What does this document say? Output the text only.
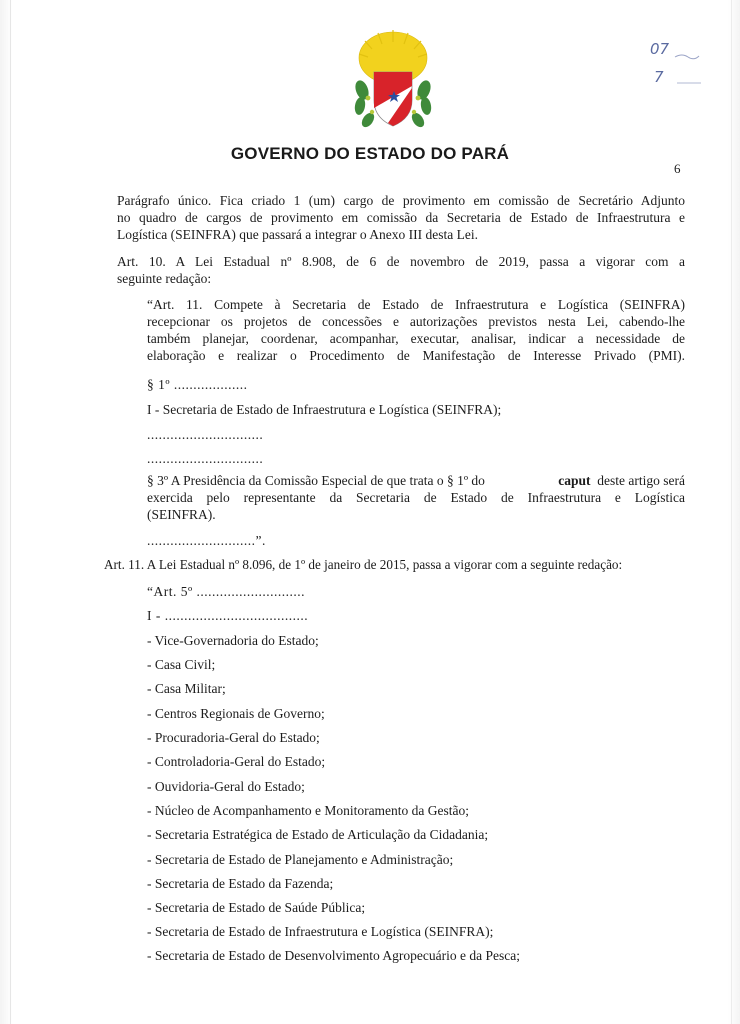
07
7
GOVERNO DO ESTADO DO PARÁ
6
Parágrafo único. Fica criado 1 (um) cargo de provimento em comissão de Secretário Adjunto
no quadro de cargos de provimento em comissão da Secretaria de Estado de Infraestrutura e
Logística (SEINFRA) que passará a integrar o Anexo III desta Lei.
Art. 10. A Lei Estadual nº 8.908, de 6 de novembro de 2019, passa a vigorar com a
seguinte redação:
“Art. 11. Compete à Secretaria de Estado de Infraestrutura e Logística (SEINFRA)
recepcionar os projetos de concessões e autorizações previstos nesta Lei, cabendo-lhe
também planejar, coordenar, acompanhar, executar, analisar, indicar a necessidade de
elaboração e realizar o Procedimento de Manifestação de Interesse Privado (PMI).
§ 1º ...................
I - Secretaria de Estado de Infraestrutura e Logística (SEINFRA);
..............................
..............................
§ 3º A Presidência da Comissão Especial de que trata o § 1º do	caput deste artigo será
exercida pelo representante da Secretaria de Estado de Infraestrutura e Logística
(SEINFRA).
............................”.
Art. 11. A Lei Estadual nº 8.096, de 1º de janeiro de 2015, passa a vigorar com a seguinte redação:
“Art. 5º ............................
I - .....................................
- Vice-Governadoria do Estado;
- Casa Civil;
- Casa Militar;
- Centros Regionais de Governo;
- Procuradoria-Geral do Estado;
- Controladoria-Geral do Estado;
- Ouvidoria-Geral do Estado;
- Núcleo de Acompanhamento e Monitoramento da Gestão;
- Secretaria Estratégica de Estado de Articulação da Cidadania;
- Secretaria de Estado de Planejamento e Administração;
- Secretaria de Estado da Fazenda;
- Secretaria de Estado de Saúde Pública;
- Secretaria de Estado de Infraestrutura e Logística (SEINFRA);
- Secretaria de Estado de Desenvolvimento Agropecuário e da Pesca;
